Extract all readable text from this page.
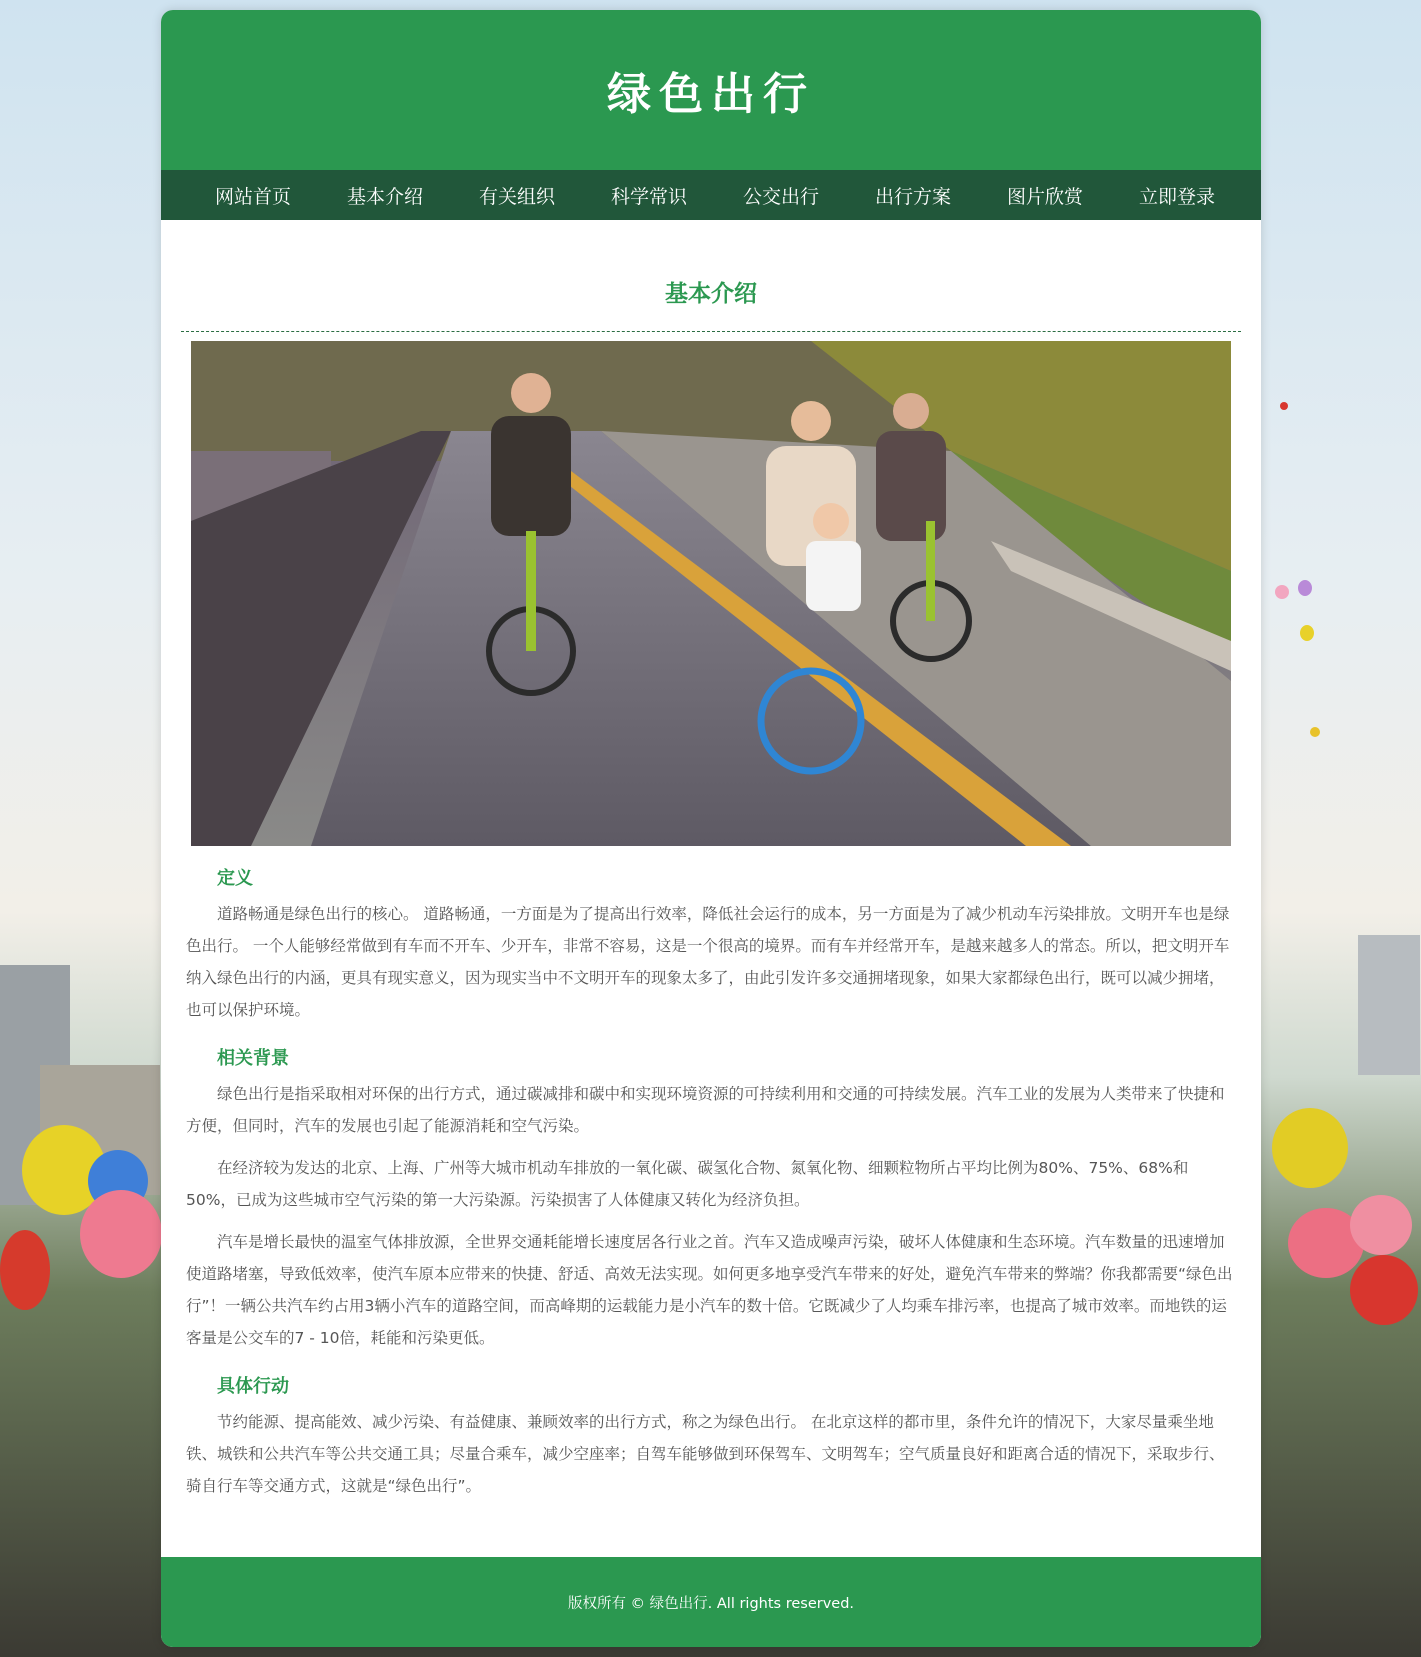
绿色出行
网站首页	基本介绍	有关组织	科学常识	公交出行	出行方案	图片欣赏	立即登录
基本介绍
定义

道路畅通是绿色出行的核心。 道路畅通，一方面是为了提高出行效率，降低社会运行的成本，另一方面是为了减少机动车污染排放。文明开车也是绿色出行。 一个人能够经常做到有车而不开车、少开车，非常不容易，这是一个很高的境界。而有车并经常开车，是越来越多人的常态。所以，把文明开车纳入绿色出行的内涵，更具有现实意义，因为现实当中不文明开车的现象太多了，由此引发许多交通拥堵现象，如果大家都绿色出行，既可以减少拥堵，也可以保护环境。

相关背景

绿色出行是指采取相对环保的出行方式，通过碳减排和碳中和实现环境资源的可持续利用和交通的可持续发展。汽车工业的发展为人类带来了快捷和方便，但同时，汽车的发展也引起了能源消耗和空气污染。

在经济较为发达的北京、上海、广州等大城市机动车排放的一氧化碳、碳氢化合物、氮氧化物、细颗粒物所占平均比例为80%、75%、68%和50%，已成为这些城市空气污染的第一大污染源。污染损害了人体健康又转化为经济负担。

汽车是增长最快的温室气体排放源，全世界交通耗能增长速度居各行业之首。汽车又造成噪声污染，破坏人体健康和生态环境。汽车数量的迅速增加使道路堵塞，导致低效率，使汽车原本应带来的快捷、舒适、高效无法实现。如何更多地享受汽车带来的好处，避免汽车带来的弊端？你我都需要“绿色出行”！一辆公共汽车约占用3辆小汽车的道路空间，而高峰期的运载能力是小汽车的数十倍。它既减少了人均乘车排污率，也提高了城市效率。而地铁的运客量是公交车的7 - 10倍，耗能和污染更低。

具体行动

节约能源、提高能效、减少污染、有益健康、兼顾效率的出行方式，称之为绿色出行。 在北京这样的都市里，条件允许的情况下，大家尽量乘坐地铁、城铁和公共汽车等公共交通工具；尽量合乘车，减少空座率；自驾车能够做到环保驾车、文明驾车；空气质量良好和距离合适的情况下，采取步行、骑自行车等交通方式，这就是“绿色出行”。

版权所有 © 绿色出行. All rights reserved.
